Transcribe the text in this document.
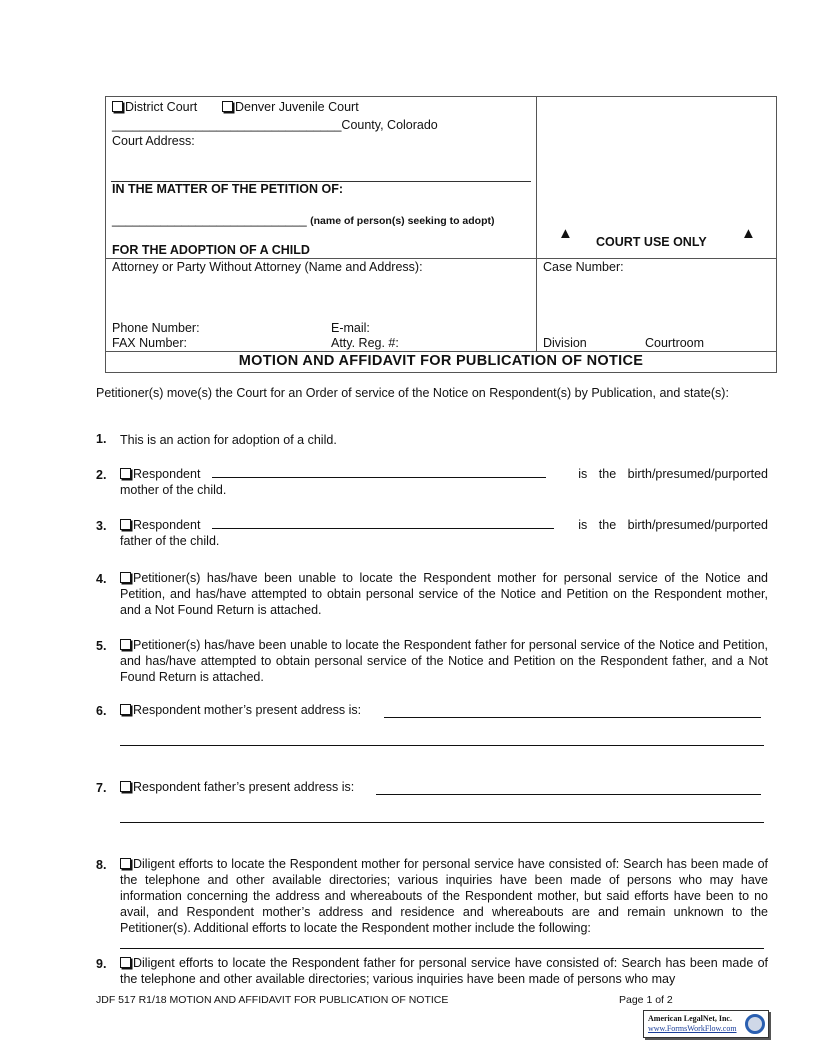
District Court	Denver Juvenile Court
_________________________________County, Colorado
Court Address:
IN THE MATTER OF THE PETITION OF:
____________________________ (name of person(s) seeking to adopt)
FOR THE ADOPTION OF A CHILD
▲ COURT USE ONLY ▲
Attorney or Party Without Attorney (Name and Address):
Phone Number:	E-mail:
FAX Number:	Atty. Reg. #:
Case Number:
Division	Courtroom
MOTION AND AFFIDAVIT FOR PUBLICATION OF NOTICE
Petitioner(s) move(s) the Court for an Order of service of the Notice on Respondent(s) by Publication, and state(s):
1. This is an action for adoption of a child.
2.	Respondent	is the birth/presumed/purported

mother of the child.
3.	Respondent	is the birth/presumed/purported

father of the child.
4.	Petitioner(s) has/have been unable to locate the Respondent mother for personal service of the Notice and Petition, and has/have attempted to obtain personal service of the Notice and Petition on the Respondent mother, and a Not Found Return is attached.
5.	Petitioner(s) has/have been unable to locate the Respondent father for personal service of the Notice and Petition, and has/have attempted to obtain personal service of the Notice and Petition on the Respondent father, and a Not Found Return is attached.
6.	Respondent mother’s present address is:
7.	Respondent father’s present address is:
8.	Diligent efforts to locate the Respondent mother for personal service have consisted of: Search has been made of the telephone and other available directories; various inquiries have been made of persons who may have information concerning the address and whereabouts of the Respondent mother, but said efforts have been to no avail, and Respondent mother’s address and residence and whereabouts are and remain unknown to the Petitioner(s). Additional efforts to locate the Respondent mother include the following:
9.	Diligent efforts to locate the Respondent father for personal service have consisted of: Search has been made of the telephone and other available directories; various inquiries have been made of persons who may
JDF 517 R1/18 MOTION AND AFFIDAVIT FOR PUBLICATION OF NOTICE	Page 1 of 2
American LegalNet, Inc.
www.FormsWorkFlow.com
